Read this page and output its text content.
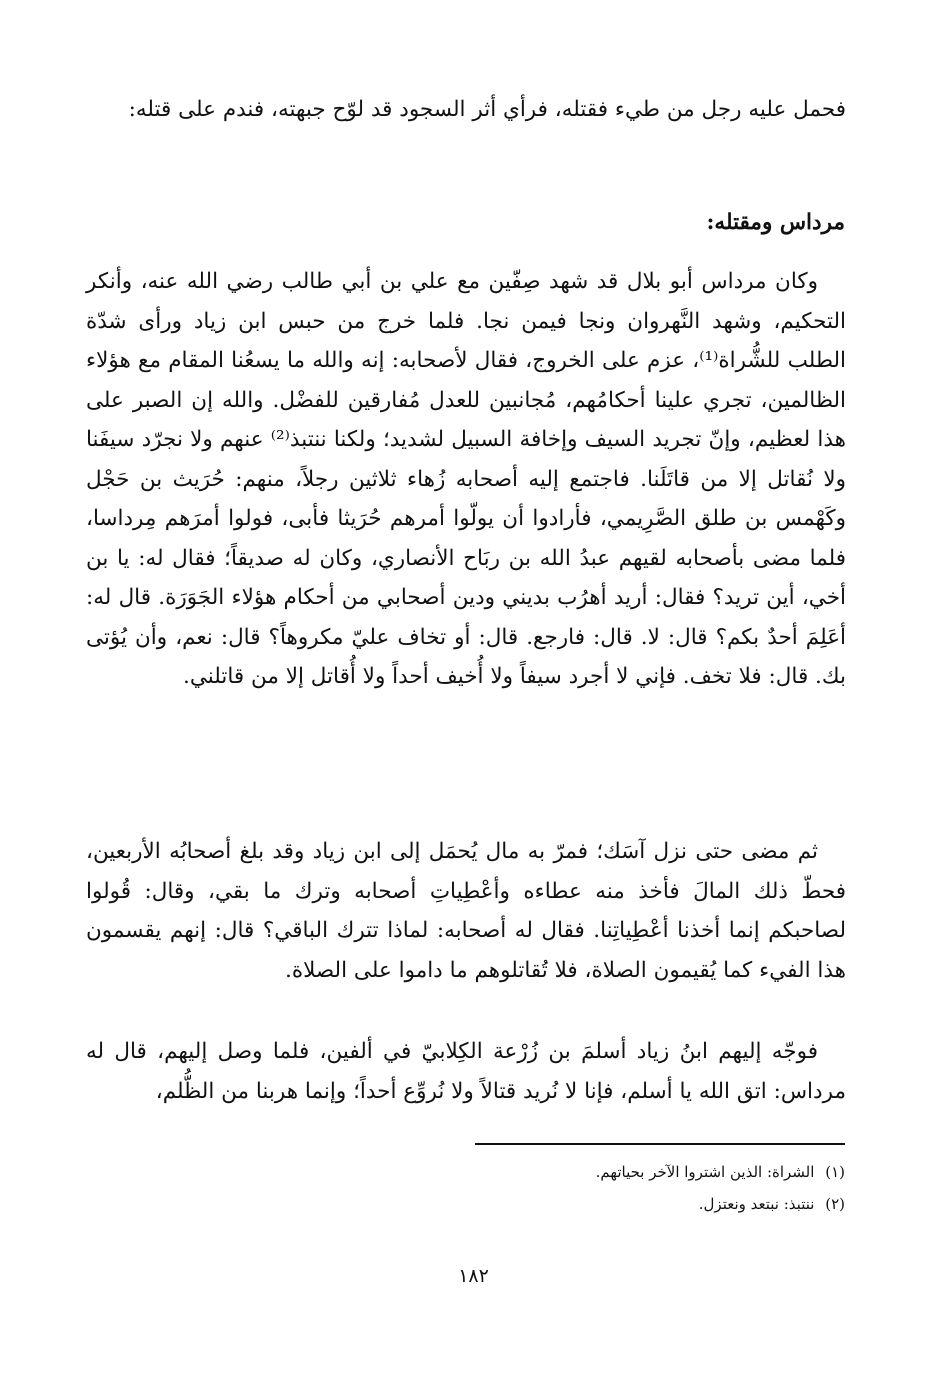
فحمل عليه رجل من طيء فقتله، فرأي أثر السجود قد لوّح جبهته، فندم على قتله:

مرداس ومقتله:

وكان مرداس أبو بلال قد شهد صِفّين مع علي بن أبي طالب رضي الله عنه، وأنكر التحكيم، وشهد النَّهروان ونجا فيمن نجا. فلما خرج من حبس ابن زياد ورأى شدّة الطلب للشُّراة⁽¹⁾، عزم على الخروج، فقال لأصحابه: إنه والله ما يسعُنا المقام مع هؤلاء الظالمين، تجري علينا أحكامُهم، مُجانبين للعدل مُفارقين للفضْل. والله إن الصبر على هذا لعظيم، وإنّ تجريد السيف وإخافة السبيل لشديد؛ ولكنا ننتبذ⁽²⁾ عنهم ولا نجرّد سيفَنا ولا نُقاتل إلا من قاتَلَنا. فاجتمع إليه أصحابه زُهاء ثلاثين رجلاً، منهم: حُرَيث بن حَجْل وكَهْمس بن طلق الصَّرِيمي، فأرادوا أن يولّوا أمرهم حُرَيثا فأبى، فولوا أمرَهم مِرداسا، فلما مضى بأصحابه لقيهم عبدُ الله بن ربَاح الأنصاري، وكان له صديقاً؛ فقال له: يا بن أخي، أين تريد؟ فقال: أريد أهرُب بديني ودين أصحابي من أحكام هؤلاء الجَوَرَة. قال له: أعَلِمَ أحدٌ بكم؟ قال: لا. قال: فارجع. قال: أو تخاف عليّ مكروهاً؟ قال: نعم، وأن يُؤتى بك. قال: فلا تخف. فإني لا أجرد سيفاً ولا أُخيف أحداً ولا أُقاتل إلا من قاتلني.

ثم مضى حتى نزل آسَك؛ فمرّ به مال يُحمَل إلى ابن زياد وقد بلغ أصحابُه الأربعين، فحطّ ذلك المالَ فأخذ منه عطاءه وأعْطِياتِ أصحابه وترك ما بقي، وقال: قُولوا لصاحبكم إنما أخذنا أعْطِياتِنا. فقال له أصحابه: لماذا تترك الباقي؟ قال: إنهم يقسمون هذا الفيء كما يُقيمون الصلاة، فلا تُقاتلوهم ما داموا على الصلاة.

فوجّه إليهم ابنُ زياد أسلمَ بن زُرْعة الكِلابيّ في ألفين، فلما وصل إليهم، قال له مرداس: اتق الله يا أسلم، فإنا لا نُريد قتالاً ولا نُروِّع أحداً؛ وإنما هربنا من الظُّلم،

(١) الشراة: الذين اشتروا الآخر بحياتهم.
(٢) ننتبذ: نبتعد ونعتزل.
١٨٢
